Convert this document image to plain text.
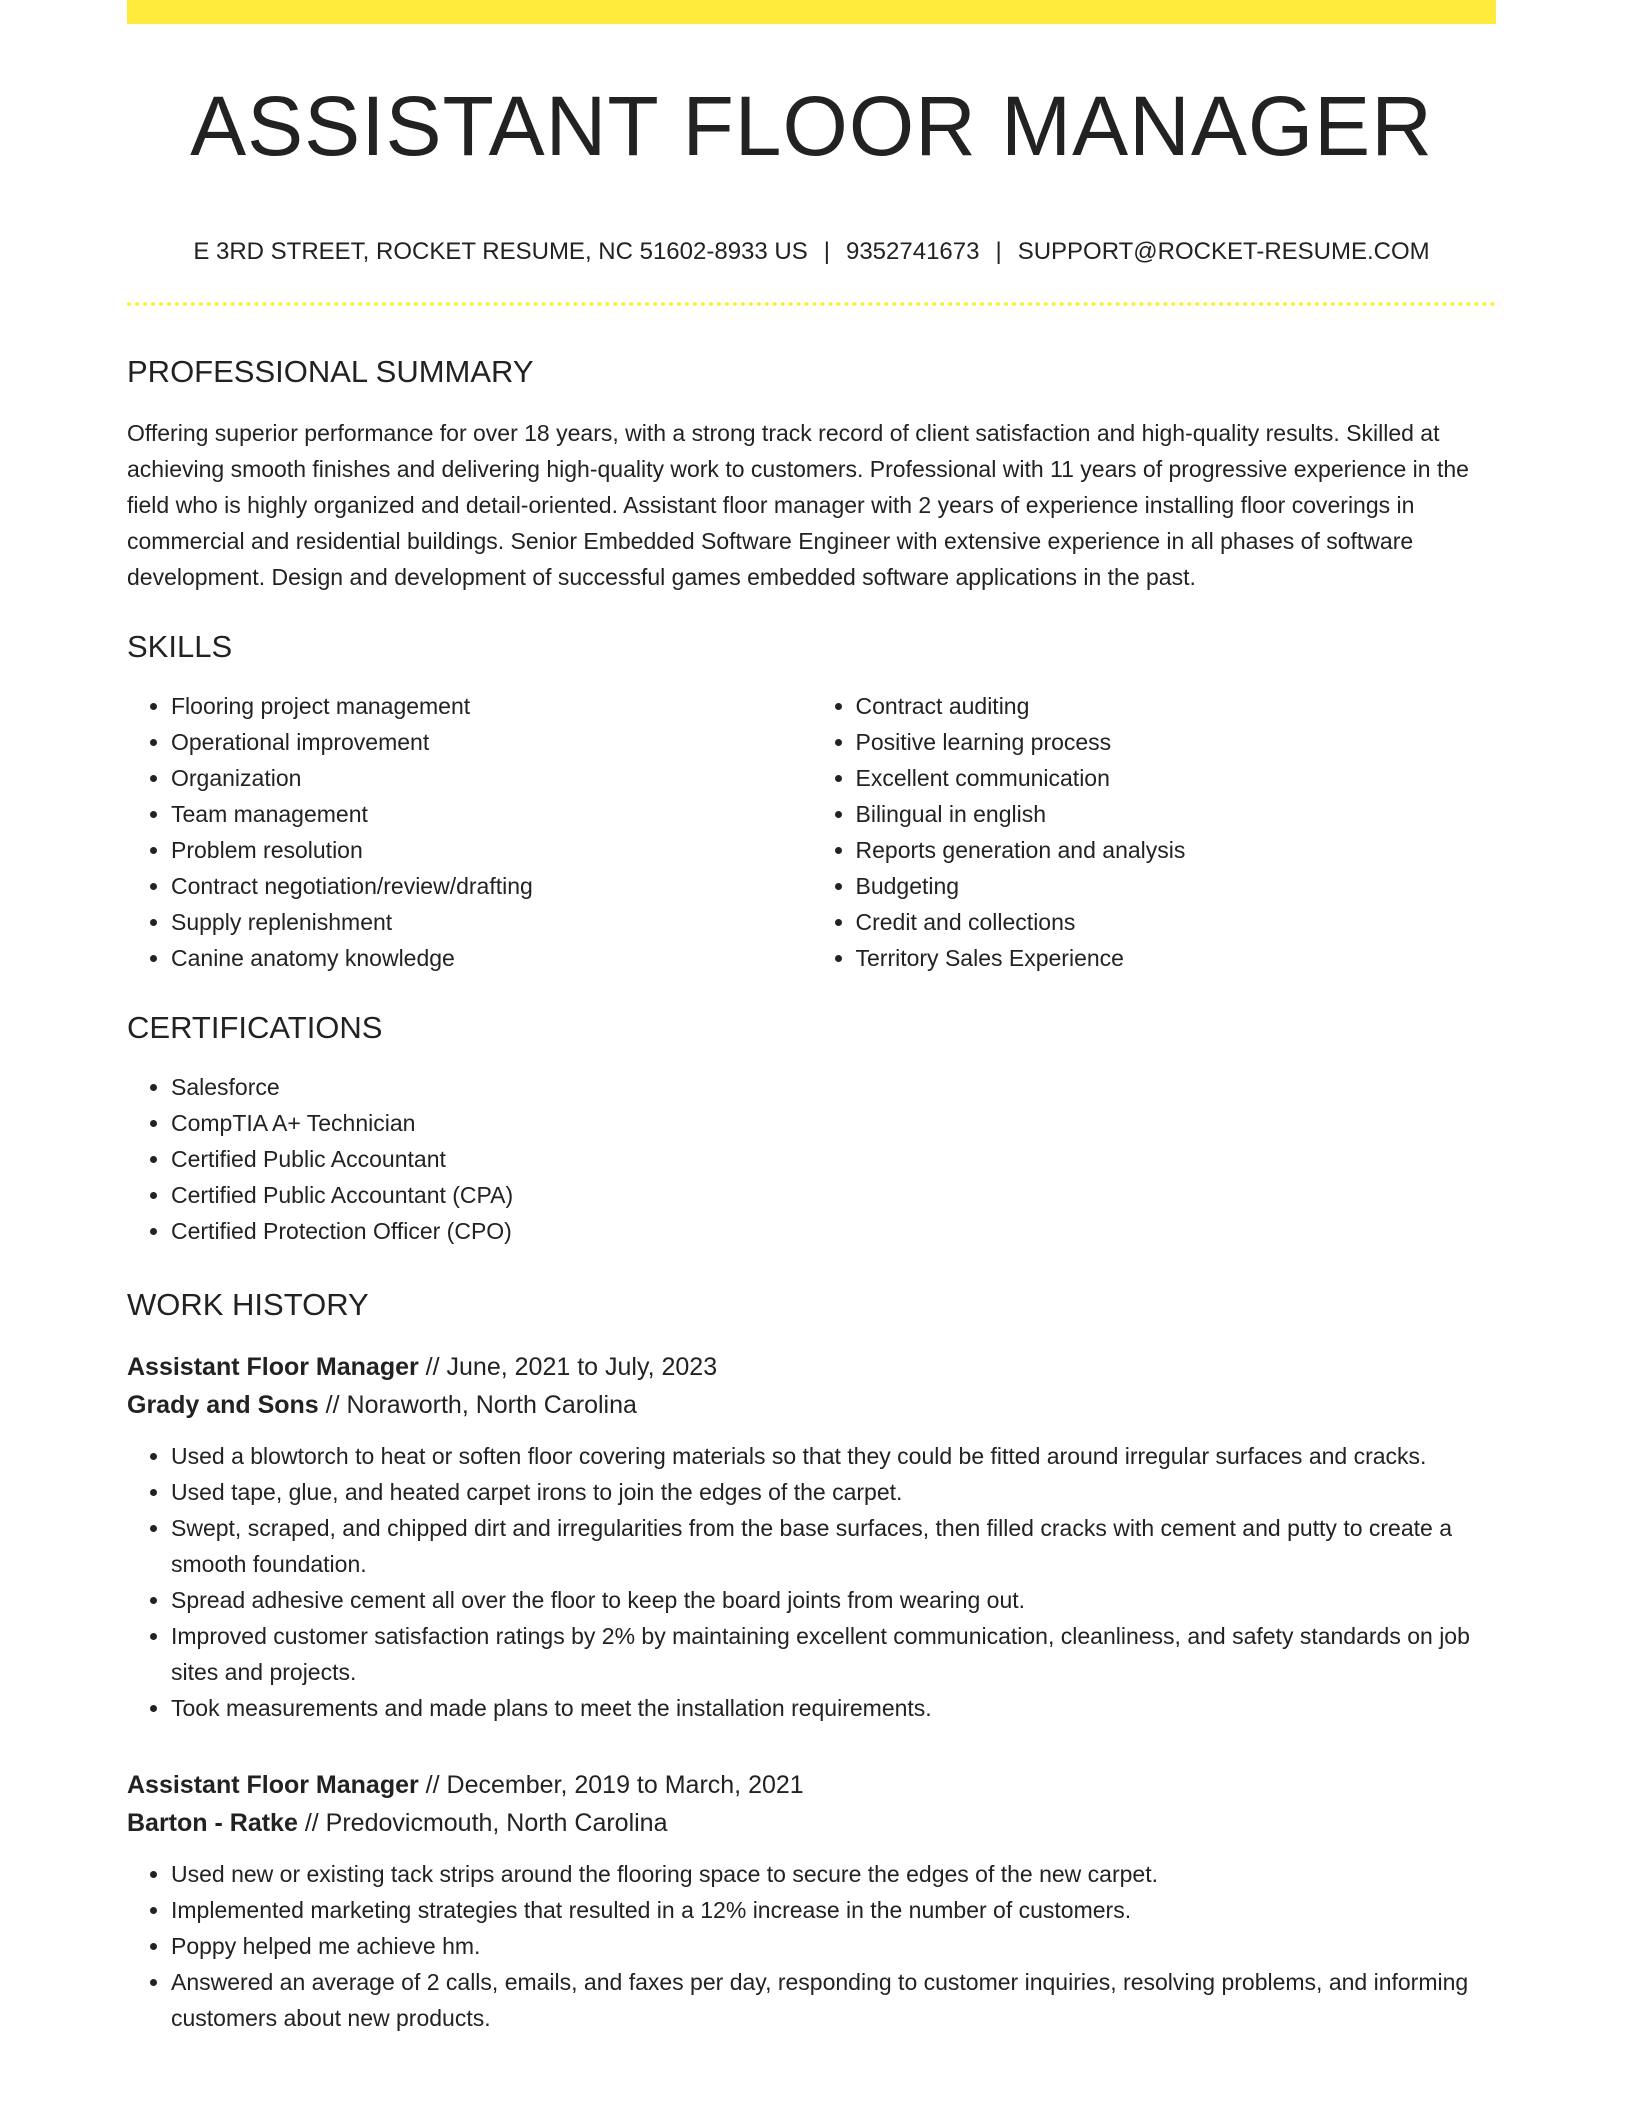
ASSISTANT FLOOR MANAGER
E 3RD STREET, ROCKET RESUME, NC 51602-8933 US | 9352741673 | SUPPORT@ROCKET-RESUME.COM
PROFESSIONAL SUMMARY

Offering superior performance for over 18 years, with a strong track record of client satisfaction and high-quality results. Skilled at achieving smooth finishes and delivering high-quality work to customers. Professional with 11 years of progressive experience in the field who is highly organized and detail-oriented. Assistant floor manager with 2 years of experience installing floor coverings in commercial and residential buildings. Senior Embedded Software Engineer with extensive experience in all phases of software development. Design and development of successful games embedded software applications in the past.

SKILLS
• Flooring project management
• Operational improvement
• Organization
• Team management
• Problem resolution
• Contract negotiation/review/drafting
• Supply replenishment
• Canine anatomy knowledge
• Contract auditing
• Positive learning process
• Excellent communication
• Bilingual in english
• Reports generation and analysis
• Budgeting
• Credit and collections
• Territory Sales Experience
CERTIFICATIONS
• Salesforce
• CompTIA A+ Technician
• Certified Public Accountant
• Certified Public Accountant (CPA)
• Certified Protection Officer (CPO)
WORK HISTORY
Assistant Floor Manager // June, 2021 to July, 2023
Grady and Sons // Noraworth, North Carolina
• Used a blowtorch to heat or soften floor covering materials so that they could be fitted around irregular surfaces and cracks.
• Used tape, glue, and heated carpet irons to join the edges of the carpet.
• Swept, scraped, and chipped dirt and irregularities from the base surfaces, then filled cracks with cement and putty to create a smooth foundation.
• Spread adhesive cement all over the floor to keep the board joints from wearing out.
• Improved customer satisfaction ratings by 2% by maintaining excellent communication, cleanliness, and safety standards on job sites and projects.
• Took measurements and made plans to meet the installation requirements.
Assistant Floor Manager // December, 2019 to March, 2021
Barton - Ratke // Predovicmouth, North Carolina
• Used new or existing tack strips around the flooring space to secure the edges of the new carpet.
• Implemented marketing strategies that resulted in a 12% increase in the number of customers.
• Poppy helped me achieve hm.
• Answered an average of 2 calls, emails, and faxes per day, responding to customer inquiries, resolving problems, and informing customers about new products.
